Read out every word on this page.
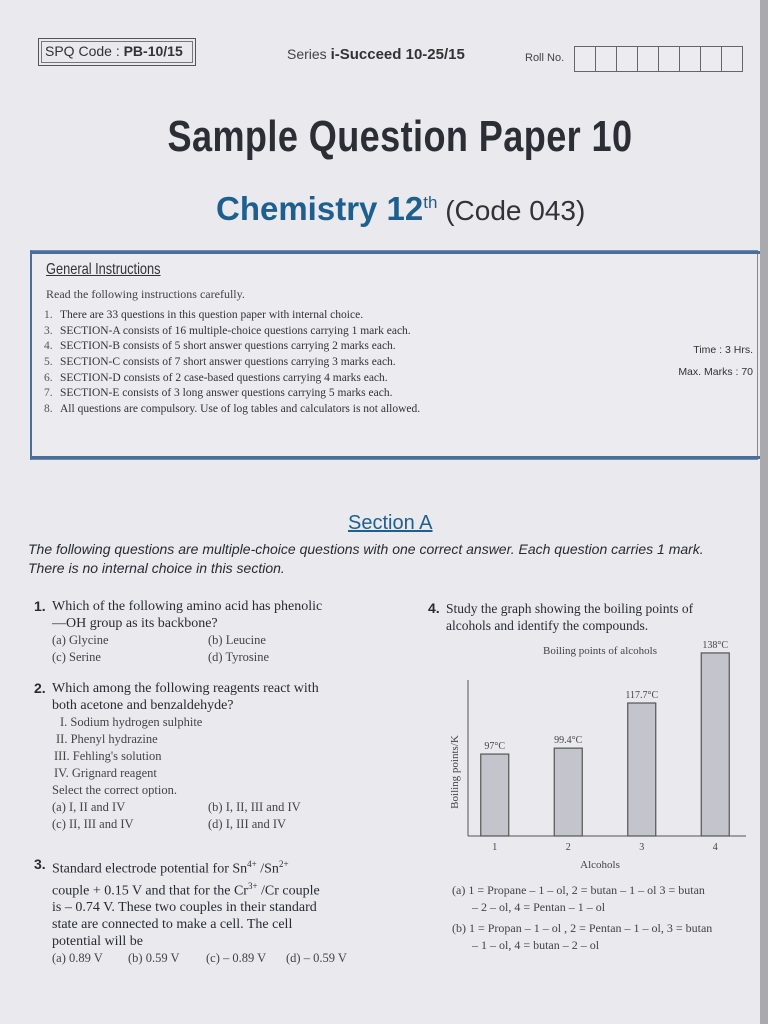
SPQ Code : PB-10/15	Series i-Succeed 10-25/15	Roll No.
Sample Question Paper 10
Chemistry 12th (Code 043)
General Instructions
Read the following instructions carefully.
1. There are 33 questions in this question paper with internal choice.
3. SECTION-A consists of 16 multiple-choice questions carrying 1 mark each.
4. SECTION-B consists of 5 short answer questions carrying 2 marks each.
5. SECTION-C consists of 7 short answer questions carrying 3 marks each.
6. SECTION-D consists of 2 case-based questions carrying 4 marks each.
7. SECTION-E consists of 3 long answer questions carrying 5 marks each.
8. All questions are compulsory. Use of log tables and calculators is not allowed.
Time : 3 Hrs.
Max. Marks : 70
Section A
The following questions are multiple-choice questions with one correct answer. Each question carries 1 mark.
There is no internal choice in this section.
1. Which of the following amino acid has phenolic
—OH group as its backbone?
(a) Glycine	(b) Leucine
(c) Serine	(d) Tyrosine
2. Which among the following reagents react with
both acetone and benzaldehyde?
I. Sodium hydrogen sulphite
II. Phenyl hydrazine
III. Fehling's solution
IV. Grignard reagent
Select the correct option.
(a) I, II and IV	(b) I, II, III and IV
(c) II, III and IV	(d) I, III and IV
3. Standard electrode potential for $Sn^{4+}$ $/Sn^{2+}$
couple + 0.15 V and that for the $Cr^{3+}$ /Cr couple
is – 0.74 V. These two couples in their standard
state are connected to make a cell. The cell
potential will be
(a) 0.89 V	(b) 0.59 V	(c) – 0.89 V	(d) – 0.59 V
4. Study the graph showing the boiling points of
alcohols and identify the compounds.
Boiling points of alcohols
Boiling points/K
Alcohols
97°C
1
99.4°C
2
117.7°C
3
138°C
4
(a) 1 = Propane – 1 – ol, 2 = butan – 1 – ol 3 = butan
– 2 – ol, 4 = Pentan – 1 – ol
(b) 1 = Propan – 1 – ol , 2 = Pentan – 1 – ol, 3 = butan
– 1 – ol, 4 = butan – 2 – ol
